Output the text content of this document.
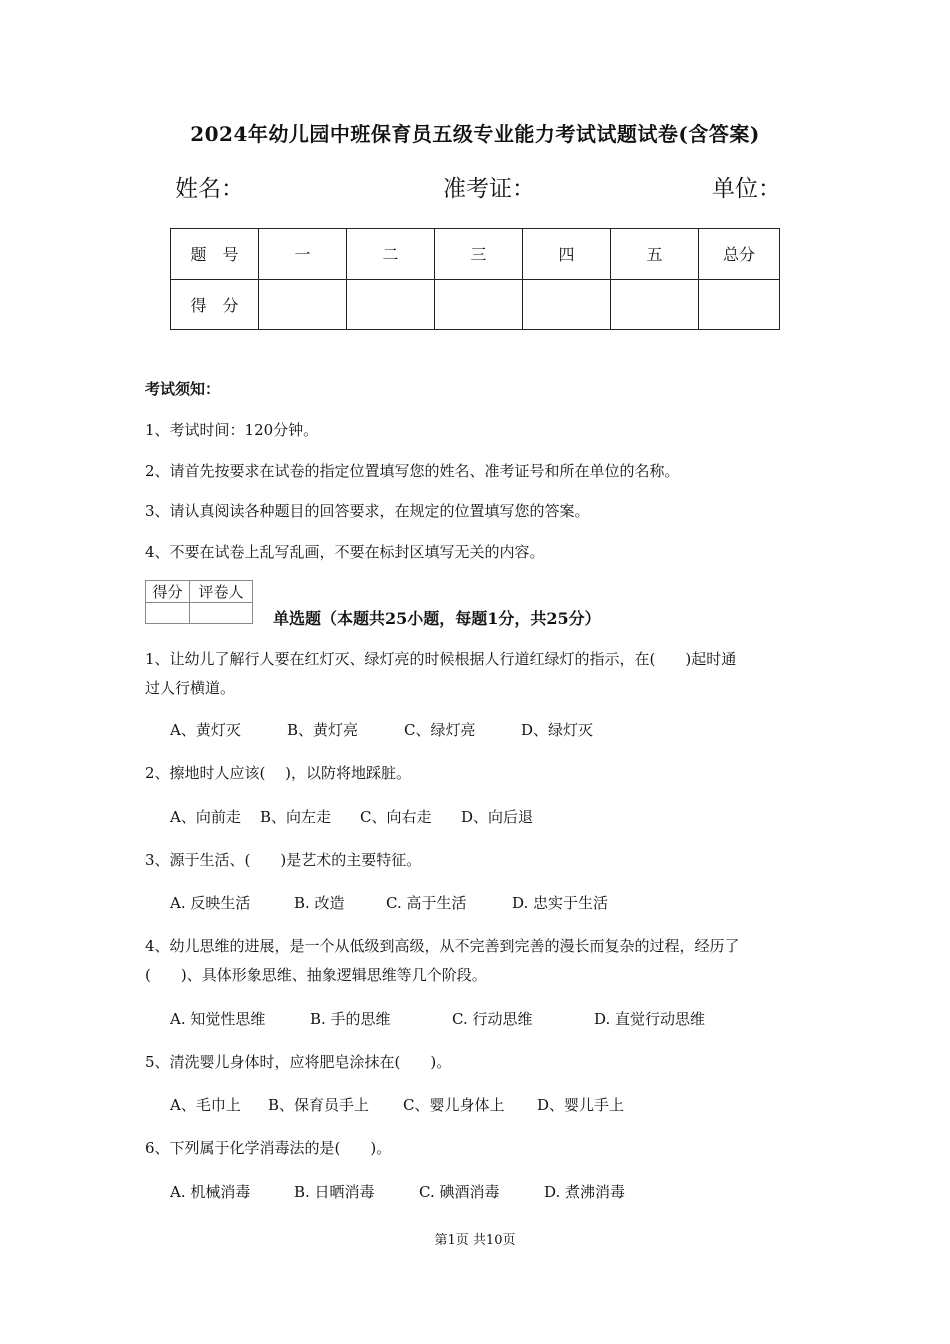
2024年幼儿园中班保育员五级专业能力考试试题试卷(含答案)
姓名：	准考证：	单位：
题　号	一	二	三	四	五	总分
得　分						
考试须知：
1、考试时间：120分钟。
2、请首先按要求在试卷的指定位置填写您的姓名、准考证号和所在单位的名称。
3、请认真阅读各种题目的回答要求，在规定的位置填写您的答案。
4、不要在试卷上乱写乱画，不要在标封区填写无关的内容。
得分	评卷人

单选题（本题共25小题，每题1分，共25分）
1、让幼儿了解行人要在红灯灭、绿灯亮的时候根据人行道红绿灯的指示，在(　　)起时通
过人行横道。
A、黄灯灭	B、黄灯亮	C、绿灯亮	D、绿灯灭
2、擦地时人应该(　 )，以防将地踩脏。
A、向前走 B、向左走 C、向右走 D、向后退
3、源于生活、(　　)是艺术的主要特征。
A. 反映生活	B. 改造	C. 高于生活	D. 忠实于生活
4、幼儿思维的进展，是一个从低级到高级，从不完善到完善的漫长而复杂的过程，经历了
(　　)、具体形象思维、抽象逻辑思维等几个阶段。
A. 知觉性思维	B. 手的思维	C. 行动思维	D. 直觉行动思维
5、清洗婴儿身体时，应将肥皂涂抹在(　　)。
A、毛巾上 B、保育员手上 C、婴儿身体上 D、婴儿手上
6、下列属于化学消毒法的是(　　)。
A. 机械消毒	B. 日晒消毒	C. 碘酒消毒	D. 煮沸消毒
第1页 共10页
